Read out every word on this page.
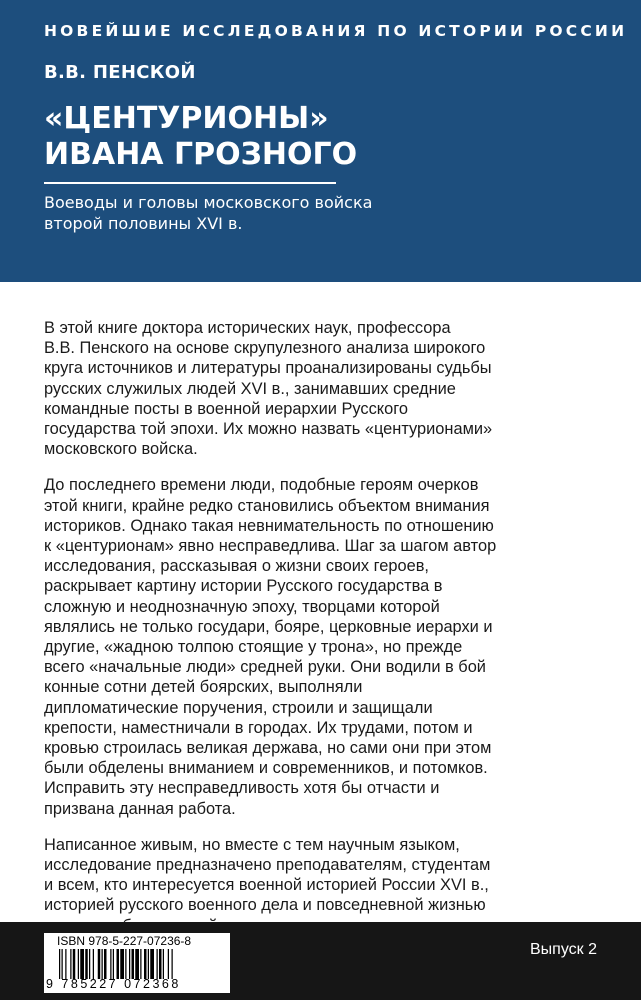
НОВЕЙШИЕ ИССЛЕДОВАНИЯ ПО ИСТОРИИ РОССИИ
В.В. ПЕНСКОЙ
«ЦЕНТУРИОНЫ»
ИВАНА ГРОЗНОГО
Воеводы и головы московского войска
второй половины XVI в.
В этой книге доктора исторических наук, профессора
В.В. Пенского на основе скрупулезного анализа широкого
круга источников и литературы проанализированы судьбы
русских служилых людей XVI в., занимавших средние
командные посты в военной иерархии Русского
государства той эпохи. Их можно назвать «центурионами»
московского войска.
До последнего времени люди, подобные героям очерков
этой книги, крайне редко становились объектом внимания
историков. Однако такая невнимательность по отношению
к «центурионам» явно несправедлива. Шаг за шагом автор
исследования, рассказывая о жизни своих героев,
раскрывает картину истории Русского государства в
сложную и неоднозначную эпоху, творцами которой
являлись не только государи, бояре, церковные иерархи и
другие, «жадною толпою стоящие у трона», но прежде
всего «начальные люди» средней руки. Они водили в бой
конные сотни детей боярских, выполняли
дипломатические поручения, строили и защищали
крепости, наместничали в городах. Их трудами, потом и
кровью строилась великая держава, но сами они при этом
были обделены вниманием и современников, и потомков.
Исправить эту несправедливость хотя бы отчасти и
призвана данная работа.
Написанное живым, но вместе с тем научным языком,
исследование предназначено преподавателям, студентам
и всем, кто интересуется военной историей России XVI в.,
историей русского военного дела и повседневной жизнью
ISBN 978-5-227-07236-8
9 785227 072368
Выпуск 2
